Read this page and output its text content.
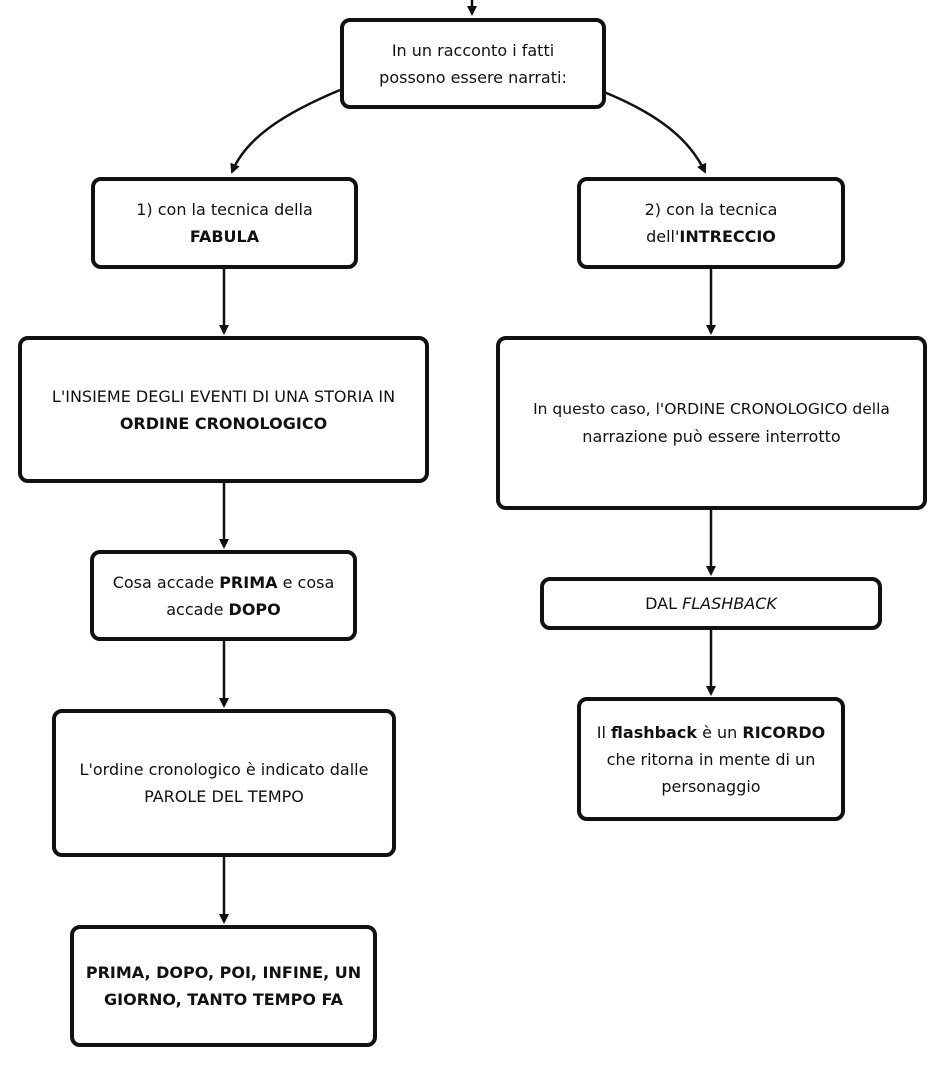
In un racconto i fatti
possono essere narrati:
1) con la tecnica della
FABULA
L'INSIEME DEGLI EVENTI DI UNA STORIA IN
ORDINE CRONOLOGICO
Cosa accade PRIMA e cosa
accade DOPO
L'ordine cronologico è indicato dalle
PAROLE DEL TEMPO
PRIMA, DOPO, POI, INFINE, UN
GIORNO, TANTO TEMPO FA
2) con la tecnica
dell'INTRECCIO
In questo caso, l'ORDINE CRONOLOGICO della
narrazione può essere interrotto
DAL FLASHBACK
Il flashback è un RICORDO
che ritorna in mente di un
personaggio
